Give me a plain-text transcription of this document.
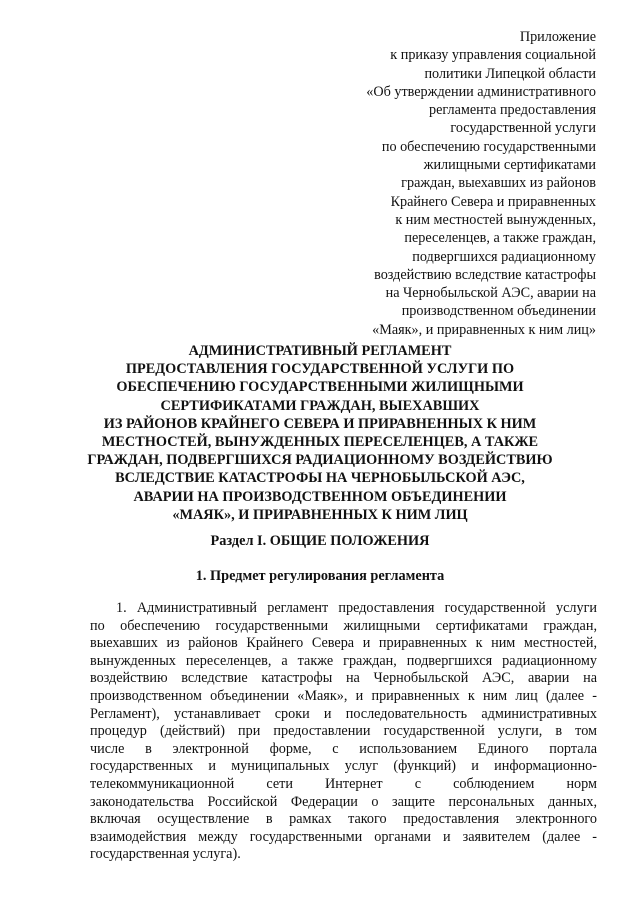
Приложение
к приказу управления социальной
политики Липецкой области
«Об утверждении административного
регламента предоставления
государственной услуги
по обеспечению государственными
жилищными сертификатами
граждан, выехавших из районов
Крайнего Севера и приравненных
к ним местностей вынужденных,
переселенцев, а также граждан,
подвергшихся радиационному
воздействию вследствие катастрофы
на Чернобыльской АЭС, аварии на
производственном объединении
«Маяк», и приравненных к ним лиц»
АДМИНИСТРАТИВНЫЙ РЕГЛАМЕНТ
ПРЕДОСТАВЛЕНИЯ ГОСУДАРСТВЕННОЙ УСЛУГИ ПО
ОБЕСПЕЧЕНИЮ ГОСУДАРСТВЕННЫМИ ЖИЛИЩНЫМИ
СЕРТИФИКАТАМИ ГРАЖДАН, ВЫЕХАВШИХ
ИЗ РАЙОНОВ КРАЙНЕГО СЕВЕРА И ПРИРАВНЕННЫХ К НИМ
МЕСТНОСТЕЙ, ВЫНУЖДЕННЫХ ПЕРЕСЕЛЕНЦЕВ, А ТАКЖЕ
ГРАЖДАН, ПОДВЕРГШИХСЯ РАДИАЦИОННОМУ ВОЗДЕЙСТВИЮ
ВСЛЕДСТВИЕ КАТАСТРОФЫ НА ЧЕРНОБЫЛЬСКОЙ АЭС,
АВАРИИ НА ПРОИЗВОДСТВЕННОМ ОБЪЕДИНЕНИИ
«МАЯК», И ПРИРАВНЕННЫХ К НИМ ЛИЦ
Раздел I. ОБЩИЕ ПОЛОЖЕНИЯ
1. Предмет регулирования регламента
1. Административный регламент предоставления государственной услуги
по обеспечению государственными жилищными сертификатами граждан,
выехавших из районов Крайнего Севера и приравненных к ним местностей,
вынужденных переселенцев, а также граждан, подвергшихся радиационному
воздействию вследствие катастрофы на Чернобыльской АЭС, аварии на
производственном объединении «Маяк», и приравненных к ним лиц (далее -
Регламент), устанавливает сроки и последовательность административных
процедур (действий) при предоставлении государственной услуги, в том
числе в электронной форме, с использованием Единого портала
государственных и муниципальных услуг (функций) и информационно-
телекоммуникационной сети Интернет с соблюдением норм
законодательства Российской Федерации о защите персональных данных,
включая осуществление в рамках такого предоставления электронного
взаимодействия между государственными органами и заявителем (далее -
государственная услуга).
